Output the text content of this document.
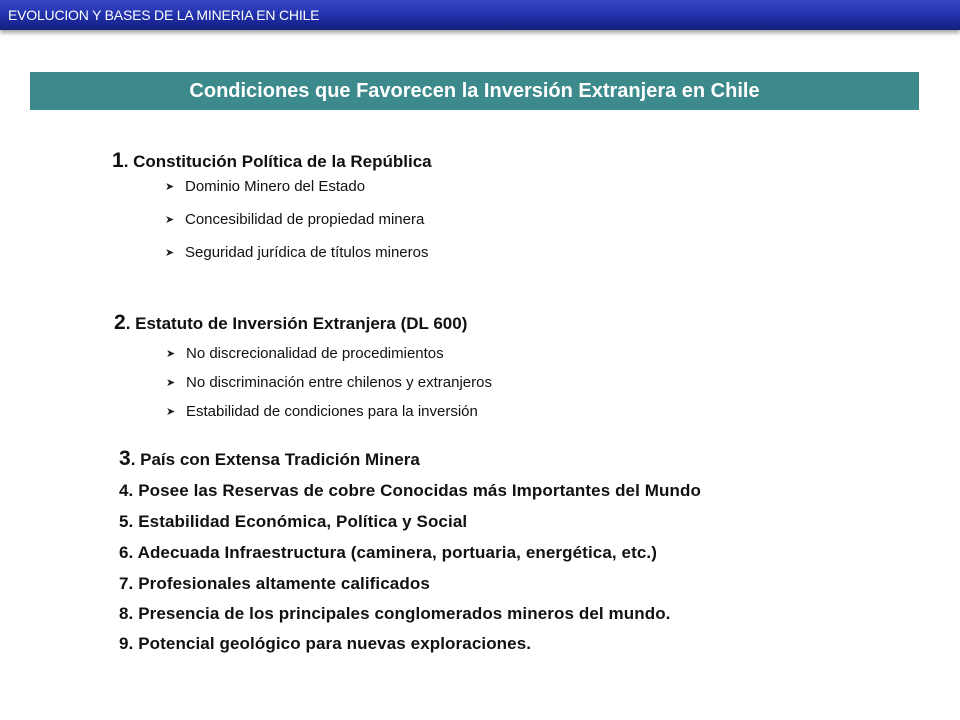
EVOLUCION Y BASES DE LA MINERIA EN CHILE
Condiciones que Favorecen la Inversión Extranjera en Chile
1. Constitución Política de la República
➤ Dominio Minero del Estado
➤ Concesibilidad de propiedad minera
➤ Seguridad jurídica de títulos mineros
2. Estatuto de Inversión Extranjera (DL 600)
➤ No discrecionalidad de procedimientos
➤ No discriminación entre chilenos y extranjeros
➤ Estabilidad de condiciones para la inversión
3. País con Extensa Tradición Minera
4. Posee las Reservas de cobre Conocidas más Importantes del Mundo
5. Estabilidad Económica, Política y Social
6. Adecuada Infraestructura (caminera, portuaria, energética, etc.)
7. Profesionales altamente calificados
8. Presencia de los principales conglomerados mineros del mundo.
9. Potencial geológico para nuevas exploraciones.
